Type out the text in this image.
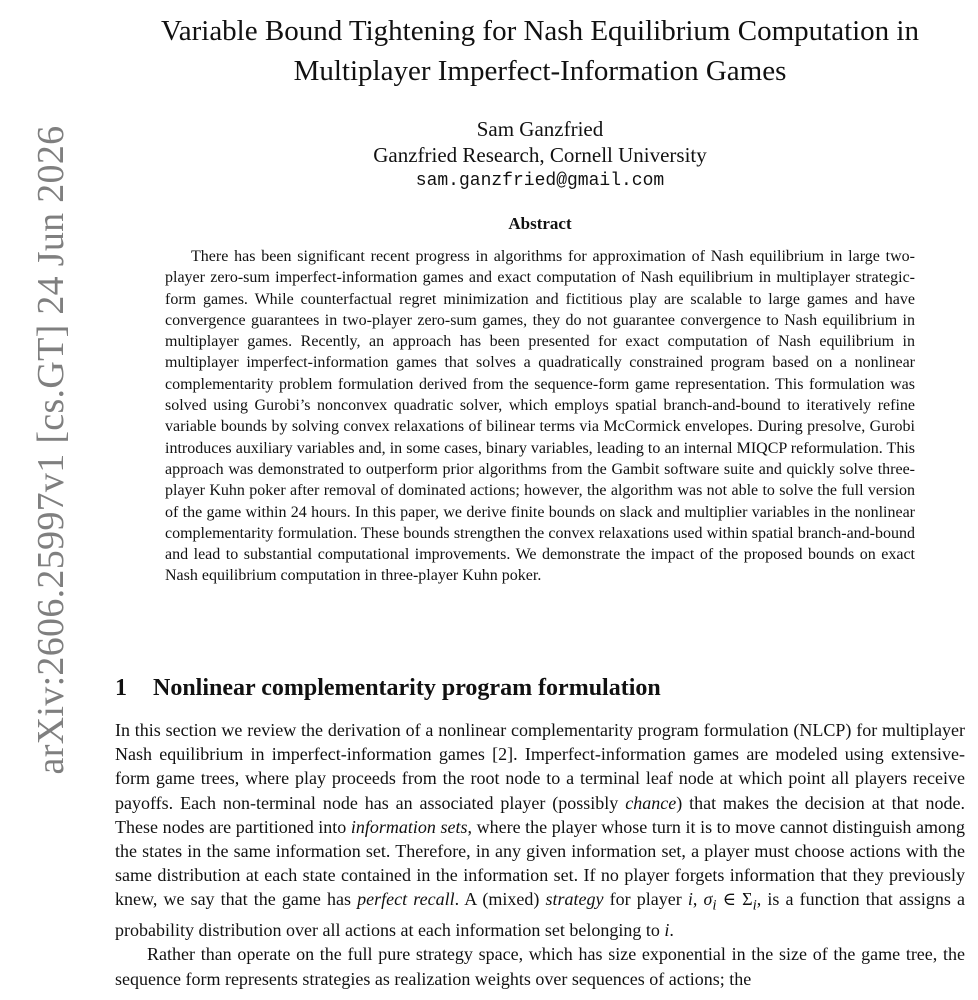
arXiv:2606.25997v1 [cs.GT] 24 Jun 2026
Variable Bound Tightening for Nash Equilibrium Computation in Multiplayer Imperfect-Information Games
Sam Ganzfried
Ganzfried Research, Cornell University
sam.ganzfried@gmail.com
Abstract

There has been significant recent progress in algorithms for approximation of Nash equilibrium in large two-player zero-sum imperfect-information games and exact computation of Nash equilibrium in multiplayer strategic-form games. While counterfactual regret minimization and fictitious play are scalable to large games and have convergence guarantees in two-player zero-sum games, they do not guarantee convergence to Nash equilibrium in multiplayer games. Recently, an approach has been presented for exact computation of Nash equilibrium in multiplayer imperfect-information games that solves a quadratically constrained program based on a nonlinear complementarity problem formulation derived from the sequence-form game representation. This formulation was solved using Gurobi’s nonconvex quadratic solver, which employs spatial branch-and-bound to iteratively refine variable bounds by solving convex relaxations of bilinear terms via McCormick envelopes. During presolve, Gurobi introduces auxiliary variables and, in some cases, binary variables, leading to an internal MIQCP reformulation. This approach was demonstrated to outperform prior algorithms from the Gambit software suite and quickly solve three-player Kuhn poker after removal of dominated actions; however, the algorithm was not able to solve the full version of the game within 24 hours. In this paper, we derive finite bounds on slack and multiplier variables in the nonlinear complementarity formulation. These bounds strengthen the convex relaxations used within spatial branch-and-bound and lead to substantial computational improvements. We demonstrate the impact of the proposed bounds on exact Nash equilibrium computation in three-player Kuhn poker.

1 Nonlinear complementarity program formulation

In this section we review the derivation of a nonlinear complementarity program formulation (NLCP) for multiplayer Nash equilibrium in imperfect-information games [2]. Imperfect-information games are modeled using extensive-form game trees, where play proceeds from the root node to a terminal leaf node at which point all players receive payoffs. Each non-terminal node has an associated player (possibly chance) that makes the decision at that node. These nodes are partitioned into information sets, where the player whose turn it is to move cannot distinguish among the states in the same information set. Therefore, in any given information set, a player must choose actions with the same distribution at each state contained in the information set. If no player forgets information that they previously knew, we say that the game has perfect recall. A (mixed) strategy for player i, $\sigma_i$ ∈ $\Sigma_i$, is a function that assigns a probability distribution over all actions at each information set belonging to i.

Rather than operate on the full pure strategy space, which has size exponential in the size of the game tree, the sequence form represents strategies as realization weights over sequences of actions; the
